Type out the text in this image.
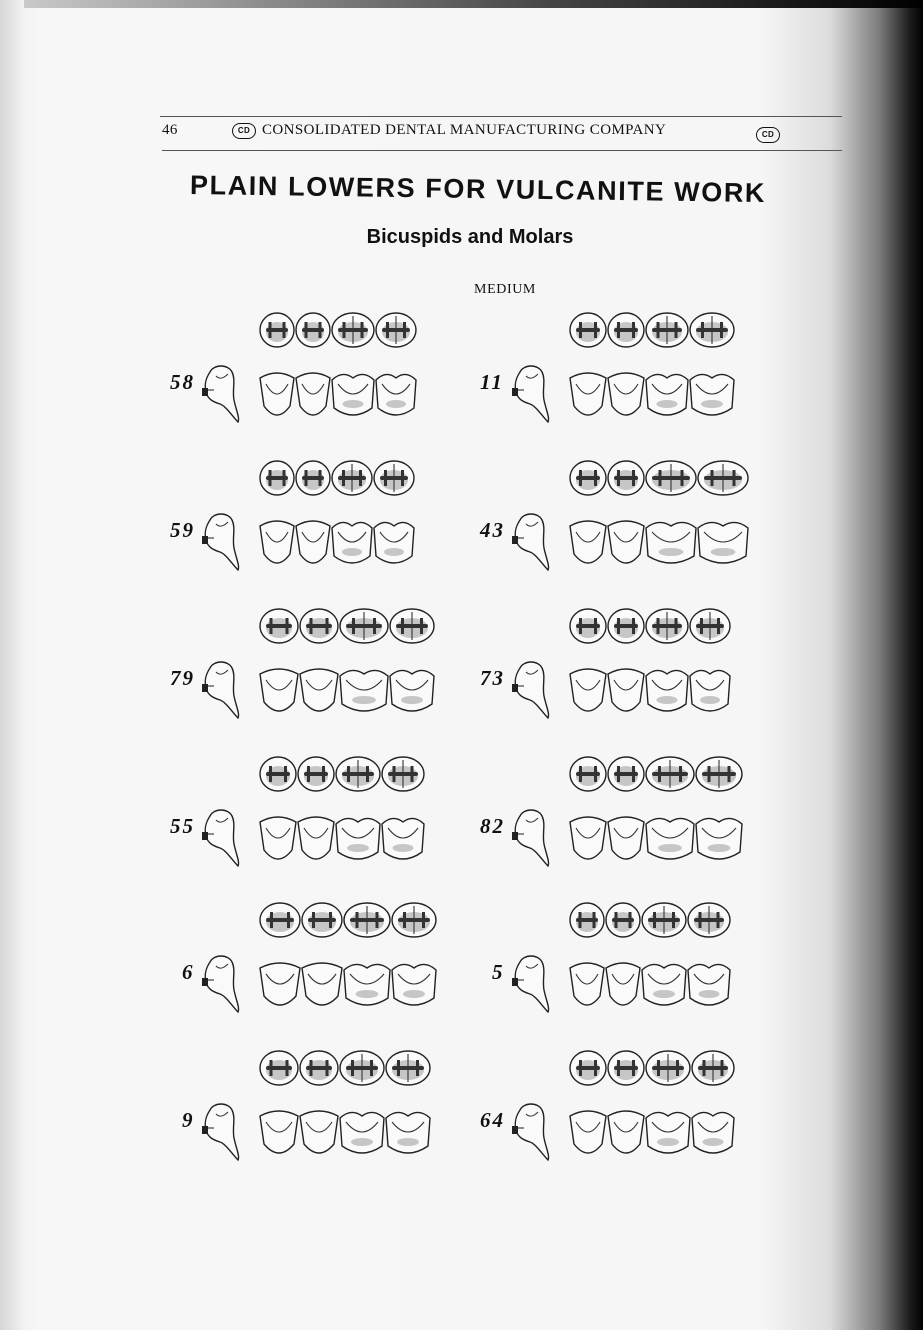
46	CD CONSOLIDATED DENTAL MANUFACTURING COMPANY	CD
PLAIN LOWERS FOR VULCANITE WORK
Bicuspids and Molars
MEDIUM
58	11
59	43
79	73
55	82
6	5
9	64
